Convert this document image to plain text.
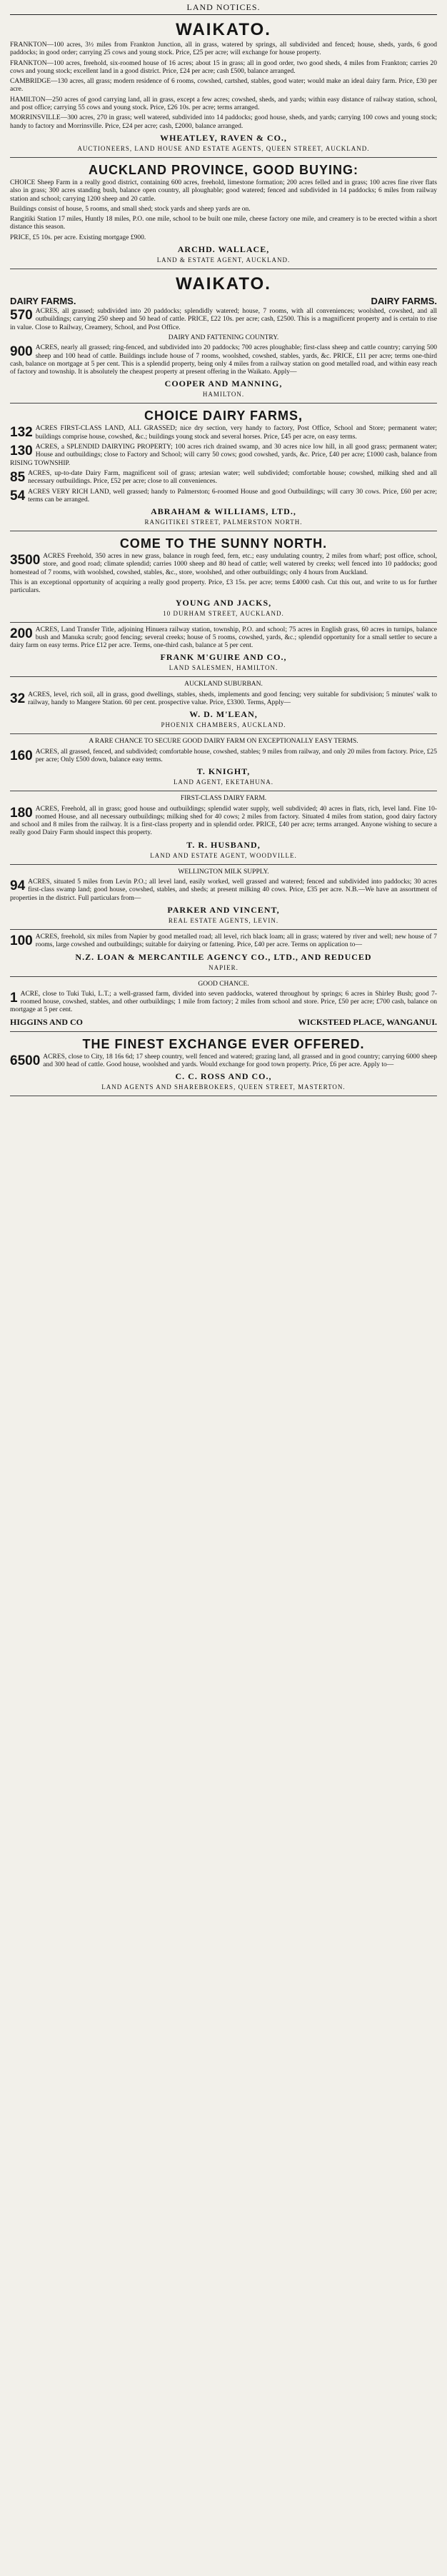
LAND NOTICES.
WAIKATO.
FRANKTON—100 acres, 3½ miles from Frankton Junction, all in grass, watered by springs, all subdivided and fenced; house, sheds, yards, 6 good paddocks; in good order; carrying 25 cows and young stock. Price, £25 per acre; will exchange for house property.
FRANKTON—100 acres, freehold, six-roomed house of 16 acres; about 15 in grass; all in good order, two good sheds, 4 miles from Frankton; carries 20 cows and young stock; excellent land in a good district. Price, £24 per acre; cash £500, balance arranged.
CAMBRIDGE—130 acres, all grass; modern residence of 6 rooms, cowshed, cartshed, stables, good water; would make an ideal dairy farm. Price, £30 per acre.
HAMILTON—250 acres of good carrying land, all in grass, except a few acres; cowshed, sheds, and yards; within easy distance of railway station, school, and post office; carrying 55 cows and young stock. Price, £26 10s. per acre; terms arranged.
MORRINSVILLE—300 acres, 270 in grass; well watered, subdivided into 14 paddocks; good house, sheds, and yards; carrying 100 cows and young stock; handy to factory and Morrinsville. Price, £24 per acre; cash, £2000, balance arranged.
WHEATLEY, RAVEN & CO.,
AUCTIONEERS, LAND HOUSE AND ESTATE AGENTS, QUEEN STREET, AUCKLAND.
AUCKLAND PROVINCE, GOOD BUYING:
CHOICE Sheep Farm in a really good district, containing 600 acres, freehold, limestone formation; 200 acres felled and in grass; 100 acres fine river flats also in grass; 300 acres standing bush, balance open country, all ploughable; good watered; fenced and subdivided in 14 paddocks; 6 miles from railway station and school; carrying 1200 sheep and 20 cattle.
Buildings consist of house, 5 rooms, and small shed; stock yards and sheep yards are on.
Rangitiki Station 17 miles, Huntly 18 miles, P.O. one mile, school to be built one mile, cheese factory one mile, and creamery is to be erected within a short distance this season.
PRICE, £5 10s. per acre. Existing mortgage £900.
ARCHD. WALLACE,
LAND & ESTATE AGENT, AUCKLAND.
WAIKATO.
DAIRY FARMS.	DAIRY FARMS.
570 ACRES, all grassed; subdivided into 20 paddocks; splendidly watered; house, 7 rooms, with all conveniences; woolshed, cowshed, and all outbuildings; carrying 250 sheep and 50 head of cattle. PRICE, £22 10s. per acre; cash, £2500. This is a magnificent property and is certain to rise in value. Close to Railway, Creamery, School, and Post Office.
DAIRY AND FATTENING COUNTRY.
900 ACRES, nearly all grassed; ring-fenced, and subdivided into 20 paddocks; 700 acres ploughable; first-class sheep and cattle country; carrying 500 sheep and 100 head of cattle. Buildings include house of 7 rooms, woolshed, cowshed, stables, yards, &c. PRICE, £11 per acre; terms one-third cash, balance on mortgage at 5 per cent. This is a splendid property, being only 4 miles from a railway station on good metalled road, and within easy reach of factory and township. It is absolutely the cheapest property at present offering in the Waikato. Apply—
COOPER AND MANNING,
HAMILTON.
CHOICE DAIRY FARMS,
132 ACRES FIRST-CLASS LAND, ALL GRASSED; nice dry section, very handy to factory, Post Office, School and Store; permanent water; buildings comprise house, cowshed, &c.; buildings young stock and several horses. Price, £45 per acre, on easy terms.
130 ACRES, a SPLENDID DAIRYING PROPERTY; 100 acres rich drained swamp, and 30 acres nice low hill, in all good grass; permanent water; House and outbuildings; close to Factory and School; will carry 50 cows; good cowshed, yards, &c. Price, £40 per acre; £1000 cash, balance from RISING TOWNSHIP.
85 ACRES, up-to-date Dairy Farm, magnificent soil of grass; artesian water; well subdivided; comfortable house; cowshed, milking shed and all necessary outbuildings. Price, £52 per acre; close to all conveniences.
54 ACRES VERY RICH LAND, well grassed; handy to Palmerston; 6-roomed House and good Outbuildings; will carry 30 cows. Price, £60 per acre; terms can be arranged.
ABRAHAM & WILLIAMS, LTD.,
RANGITIKEI STREET, PALMERSTON NORTH.
COME TO THE SUNNY NORTH.
3500 ACRES Freehold, 350 acres in new grass, balance in rough feed, fern, etc.; easy undulating country, 2 miles from wharf; post office, school, store, and good road; climate splendid; carries 1000 sheep and 80 head of cattle; well watered by creeks; well fenced into 10 paddocks; good homestead of 7 rooms, with woolshed, cowshed, stables, &c., store, woolshed, and other outbuildings; only 4 hours from Auckland.
This is an exceptional opportunity of acquiring a really good property. Price, £3 15s. per acre; terms £4000 cash. Cut this out, and write to us for further particulars.
YOUNG AND JACKS,
10 DURHAM STREET, AUCKLAND.
200 ACRES, Land Transfer Title, adjoining Hinuera railway station, township, P.O. and school; 75 acres in English grass, 60 acres in turnips, balance bush and Manuka scrub; good fencing; several creeks; house of 5 rooms, cowshed, yards, &c.; splendid opportunity for a small settler to secure a dairy farm on easy terms. Price £12 per acre. Terms, one-third cash, balance at 5 per cent.
FRANK M'GUIRE AND CO.,
LAND SALESMEN, HAMILTON.
AUCKLAND SUBURBAN.
32 ACRES, level, rich soil, all in grass, good dwellings, stables, sheds, implements and good fencing; very suitable for subdivision; 5 minutes' walk to railway, handy to Mangere Station. 60 per cent. prospective value. Price, £3300. Terms, Apply—
W. D. M'LEAN,
PHOENIX CHAMBERS, AUCKLAND.
A RARE CHANCE TO SECURE GOOD DAIRY FARM ON EXCEPTIONALLY EASY TERMS.
160 ACRES, all grassed, fenced, and subdivided; comfortable house, cowshed, stables; 9 miles from railway, and only 20 miles from factory. Price, £25 per acre; Only £500 down, balance easy terms.
T. KNIGHT,
LAND AGENT, EKETAHUNA.
FIRST-CLASS DAIRY FARM.
180 ACRES, Freehold, all in grass; good house and outbuildings; splendid water supply, well subdivided; 40 acres in flats, rich, level land. Fine 10-roomed House, and all necessary outbuildings; milking shed for 40 cows; 2 miles from factory. Situated 4 miles from station, good dairy factory and school and 8 miles from the railway. It is a first-class property and in splendid order. PRICE, £40 per acre; terms arranged. Anyone wishing to secure a really good Dairy Farm should inspect this property.
T. R. HUSBAND,
LAND AND ESTATE AGENT, WOODVILLE.
WELLINGTON MILK SUPPLY.
94 ACRES, situated 5 miles from Levin P.O.; all level land, easily worked, well grassed and watered; fenced and subdivided into paddocks; 30 acres first-class swamp land; good house, cowshed, stables, and sheds; at present milking 40 cows. Price, £35 per acre. N.B.—We have an assortment of properties in the district. Full particulars from—
PARKER AND VINCENT,
REAL ESTATE AGENTS, LEVIN.
100 ACRES, freehold, six miles from Napier by good metalled road; all level, rich black loam; all in grass; watered by river and well; new house of 7 rooms, large cowshed and outbuildings; suitable for dairying or fattening. Price, £40 per acre. Terms on application to—
N.Z. LOAN & MERCANTILE AGENCY CO., LTD., AND REDUCED
NAPIER.
GOOD CHANCE.
1 ACRE, close to Tuki Tuki, L.T.; a well-grassed farm, divided into seven paddocks, watered throughout by springs; 6 acres in Shirley Bush; good 7-roomed house, cowshed, stables, and other outbuildings; 1 mile from factory; 2 miles from school and store. Price, £50 per acre; £700 cash, balance on mortgage at 5 per cent.
HIGGINS AND CO	WICKSTEED PLACE, WANGANUI.
THE FINEST EXCHANGE EVER OFFERED.
6500 ACRES, close to City, 18 16s 6d; 17 sheep country, well fenced and watered; grazing land, all grassed and in good country; carrying 6000 sheep and 300 head of cattle. Good house, woolshed and yards. Would exchange for good town property. Price, £6 per acre. Apply to—
C. C. ROSS AND CO.,
LAND AGENTS AND SHAREBROKERS, QUEEN STREET, MASTERTON.
